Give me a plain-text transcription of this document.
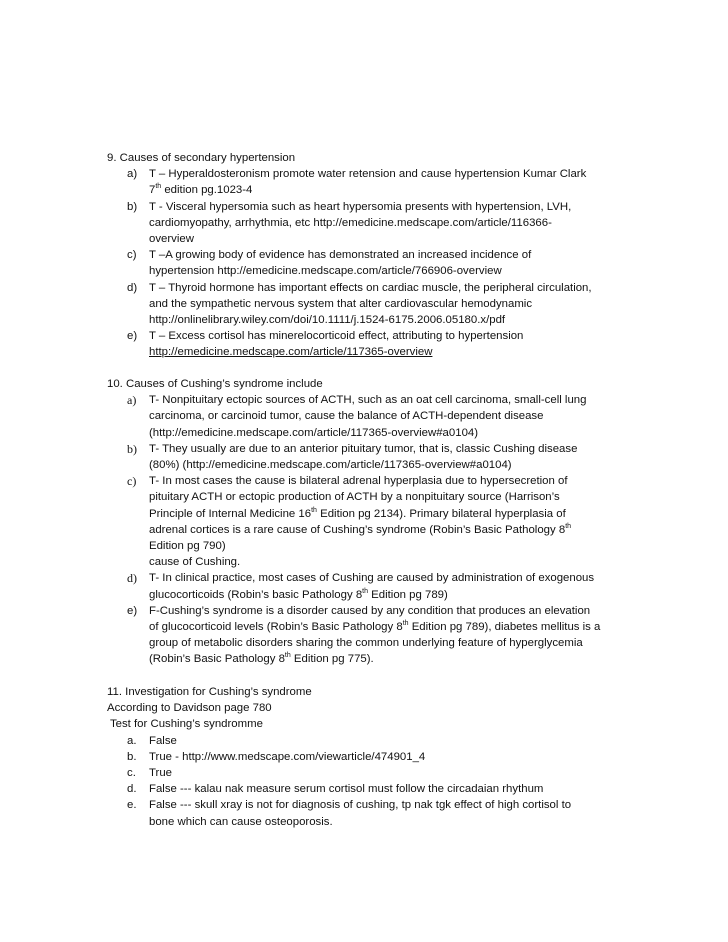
9. Causes of secondary hypertension
a) T – Hyperaldosteronism promote water retension and cause hypertension Kumar Clark
7th edition pg.1023-4
b) T - Visceral hypersomia such as heart hypersomia presents with hypertension, LVH,
cardiomyopathy, arrhythmia, etc http://emedicine.medscape.com/article/116366-
overview
c) T –A growing body of evidence has demonstrated an increased incidence of
hypertension http://emedicine.medscape.com/article/766906-overview
d) T – Thyroid hormone has important effects on cardiac muscle, the peripheral circulation,
and the sympathetic nervous system that alter cardiovascular hemodynamic
http://onlinelibrary.wiley.com/doi/10.1111/j.1524-6175.2006.05180.x/pdf
e) T – Excess cortisol has minerelocorticoid effect, attributing to hypertension
http://emedicine.medscape.com/article/117365-overview
10. Causes of Cushing’s syndrome include
a) T- Nonpituitary ectopic sources of ACTH, such as an oat cell carcinoma, small-cell lung
carcinoma, or carcinoid tumor, cause the balance of ACTH-dependent disease
(http://emedicine.medscape.com/article/117365-overview#a0104)
b) T- They usually are due to an anterior pituitary tumor, that is, classic Cushing disease
(80%) (http://emedicine.medscape.com/article/117365-overview#a0104)
c) T- In most cases the cause is bilateral adrenal hyperplasia due to hypersecretion of
pituitary ACTH or ectopic production of ACTH by a nonpituitary source (Harrison’s
Principle of Internal Medicine 16th Edition pg 2134). Primary bilateral hyperplasia of
adrenal cortices is a rare cause of Cushing’s syndrome (Robin’s Basic Pathology 8th
Edition pg 790)
cause of Cushing.
d) T- In clinical practice, most cases of Cushing are caused by administration of exogenous
glucocorticoids (Robin’s basic Pathology 8th Edition pg 789)
e) F-Cushing’s syndrome is a disorder caused by any condition that produces an elevation
of glucocorticoid levels (Robin’s Basic Pathology 8th Edition pg 789), diabetes mellitus is a
group of metabolic disorders sharing the common underlying feature of hyperglycemia
(Robin’s Basic Pathology 8th Edition pg 775).
11. Investigation for Cushing’s syndrome
According to Davidson page 780
Test for Cushing’s syndromme
a. False
b. True - http://www.medscape.com/viewarticle/474901_4
c. True
d. False --- kalau nak measure serum cortisol must follow the circadaian rhythum
e. False --- skull xray is not for diagnosis of cushing, tp nak tgk effect of high cortisol to
bone which can cause osteoporosis.
